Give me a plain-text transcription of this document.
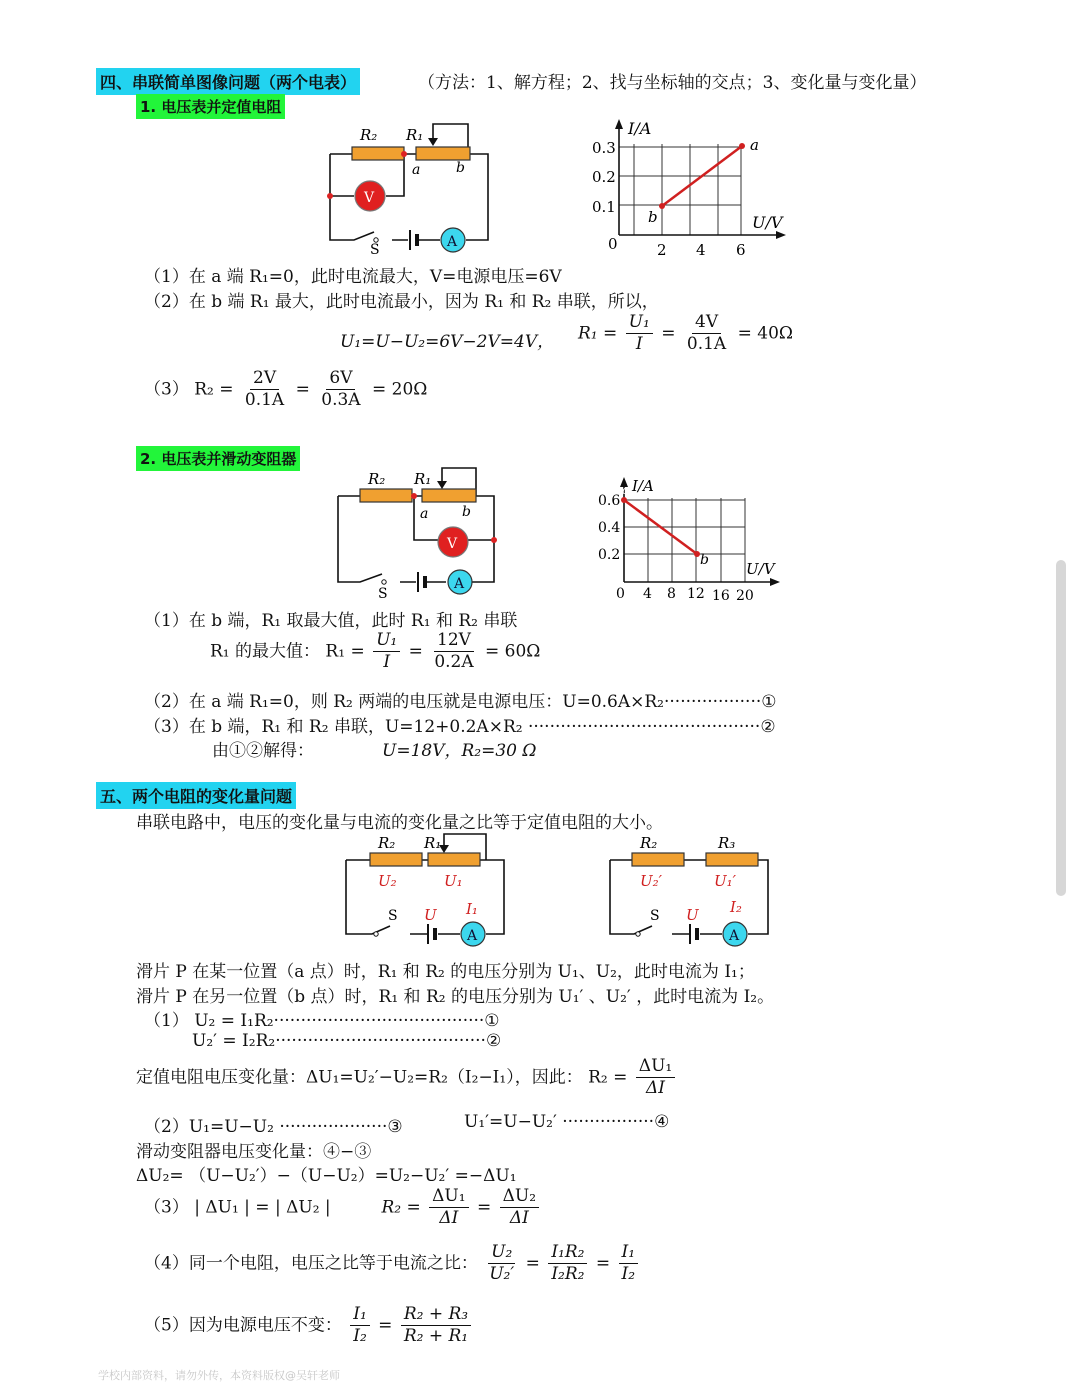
四、串联简单图像问题（两个电表）	（方法：1、解方程；2、找与坐标轴的交点；3、变化量与变化量）
1. 电压表并定值电阻
R₂ R₁
a	b
V
A
S
I/A
U/V
0.3
0.2
0.1
0	2 4 6
a
b
（1）在 a 端 R₁=0，此时电流最大，V=电源电压=6V
（2）在 b 端 R₁ 最大，此时电流最小，因为 R₁ 和 R₂ 串联，所以，
U₁=U−U₂=6V−2V=4V， $R_1 = \frac{\text{U₁}}{I} = \frac{4V}{0.1A} = 40\Omega$
（3） $R_2 = \frac{2V}{0.1A} = \frac{6V}{0.3A} = 20\Omega$
2. 电压表并滑动变阻器
R₂ R₁
a b
V
A
S
I/A
U/V
0.6
0.4
0.2
0 4 8 12 16 20
a
b
（1）在 b 端，R₁ 取最大值，此时 R₁ 和 R₂ 串联
R₁ 的最大值： $R_1 = \frac{\text{U₁}}{I} = \frac{12V}{0.2A} = 60\Omega$
（2）在 a 端 R₁=0，则 R₂ 两端的电压就是电源电压：U=0.6A×R₂··················①
（3）在 b 端，R₁ 和 R₂ 串联，U=12+0.2A×R₂ ···········································②
由①②解得：	U=18V，R₂=30 Ω
五、两个电阻的变化量问题
串联电路中，电压的变化量与电流的变化量之比等于定值电阻的大小。
R₂ R₁
U₂	U₁
S U I₁
A
R₂	R₃
U₂′	U₁′
S U I₂
A
滑片 P 在某一位置（a 点）时，R₁ 和 R₂ 的电压分别为 U₁、U₂，此时电流为 I₁；
滑片 P 在另一位置（b 点）时，R₁ 和 R₂ 的电压分别为 U₁′ 、U₂′ ，此时电流为 I₂。
（1） U₂ = I₁R₂·······································①
U₂′ = I₂R₂·······································②
定值电阻电压变化量：ΔU₁=U₂′−U₂=R₂（I₂−I₁），因此： $R_2 = \frac{\text{ΔU₁}}{\Delta I}$
（2）U₁=U−U₂ ····················③	U₁′=U−U₂′ ·················④
滑动变阻器电压变化量：④−③
ΔU₂= （U−U₂′）−（U−U₂）=U₂−U₂′ =−ΔU₁
（3） | ΔU₁ | = | ΔU₂ |	$R_2 = \frac{\text{ΔU₁}}{\Delta I} = \frac{\text{ΔU₂}}{\Delta I}$
（4）同一个电阻，电压之比等于电流之比： $\frac{\text{U₂}}{\text{U₂′}} = \frac{\text{I₁R₂}}{\text{I₂R₂}} = \frac{\text{I₁}}{\text{I₂}}$
（5）因为电源电压不变： $\frac{\text{I₁}}{\text{I₂}} = \frac{\text{R₂ + R₃}}{\text{R₂ + R₁}}$
学校内部资料，请勿外传，本资料版权@吴轩老师
